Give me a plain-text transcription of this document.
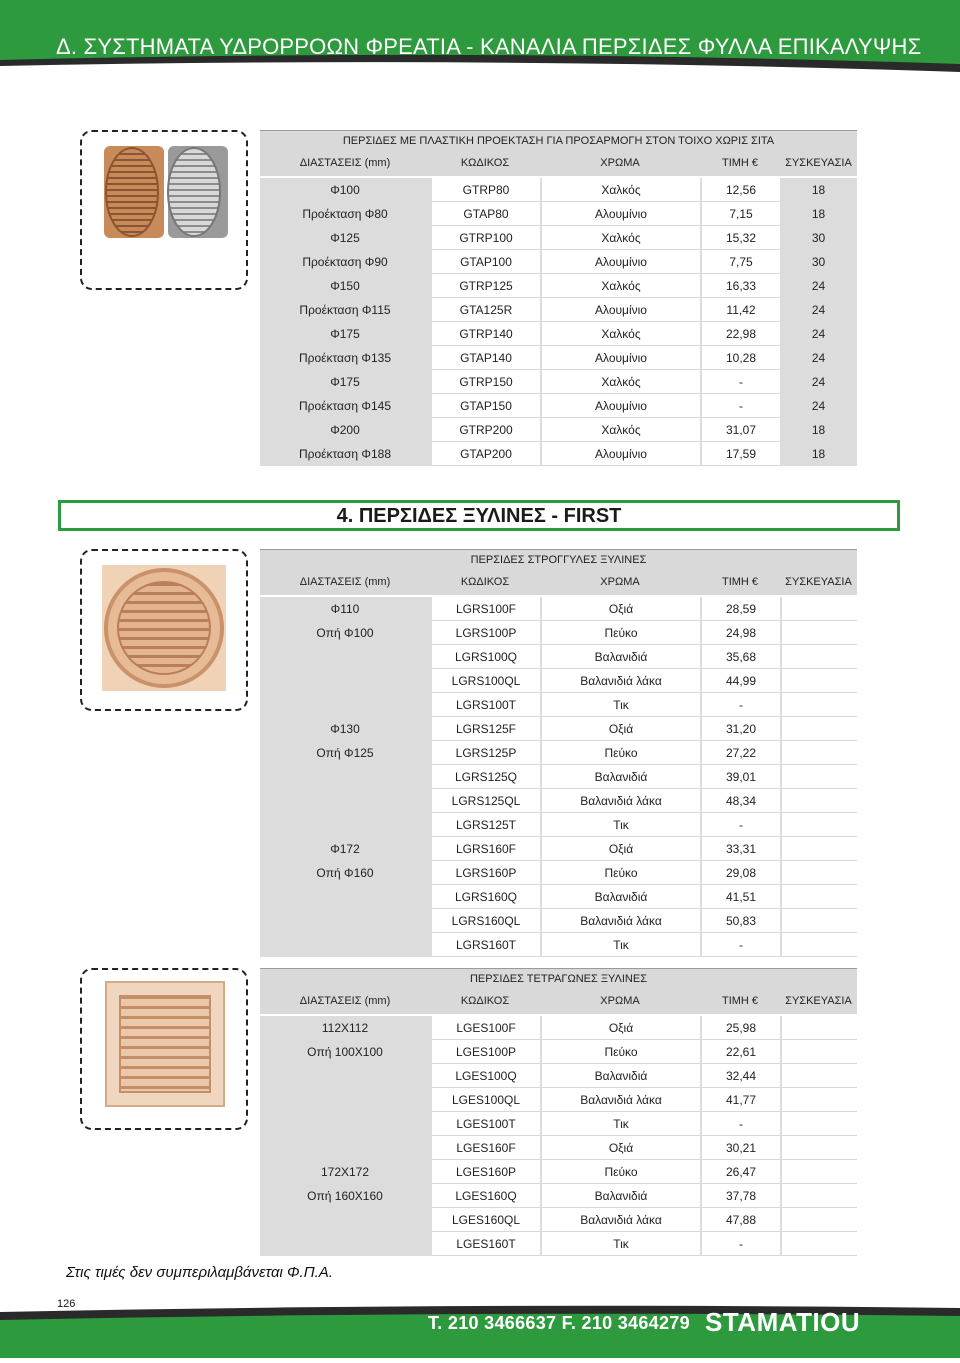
Δ. ΣΥΣΤΗΜΑΤΑ ΥΔΡΟΡΡΟΩΝ ΦΡΕΑΤΙΑ - ΚΑΝΑΛΙΑ ΠΕΡΣΙΔΕΣ ΦΥΛΛΑ ΕΠΙΚΑΛΥΨΗΣ
ΠΕΡΣΙΔΕΣ ΜΕ ΠΛΑΣΤΙΚΗ ΠΡΟΕΚΤΑΣΗ ΓΙΑ ΠΡΟΣΑΡΜΟΓΗ ΣΤΟΝ ΤΟΙΧΟ ΧΩΡΙΣ ΣΙΤΑ
ΔΙΑΣΤΑΣΕΙΣ (mm)	ΚΩΔΙΚΟΣ	ΧΡΩΜΑ	ΤΙΜΗ €	ΣΥΣΚΕΥΑΣΙΑ
Φ100	GTRP80	Χαλκός	12,56	18
Προέκταση Φ80	GTAP80	Αλουμίνιο	7,15	18
Φ125	GTRP100	Χαλκός	15,32	30
Προέκταση Φ90	GTAP100	Αλουμίνιο	7,75	30
Φ150	GTRP125	Χαλκός	16,33	24
Προέκταση Φ115	GTA125R	Αλουμίνιο	11,42	24
Φ175	GTRP140	Χαλκός	22,98	24
Προέκταση Φ135	GTAP140	Αλουμίνιο	10,28	24
Φ175	GTRP150	Χαλκός	-	24
Προέκταση Φ145	GTAP150	Αλουμίνιο	-	24
Φ200	GTRP200	Χαλκός	31,07	18
Προέκταση Φ188	GTAP200	Αλουμίνιο	17,59	18
4. ΠΕΡΣΙΔΕΣ ΞΥΛΙΝΕΣ - FIRST
ΠΕΡΣΙΔΕΣ ΣΤΡΟΓΓΥΛΕΣ ΞΥΛΙΝΕΣ
ΔΙΑΣΤΑΣΕΙΣ (mm)	ΚΩΔΙΚΟΣ	ΧΡΩΜΑ	ΤΙΜΗ €	ΣΥΣΚΕΥΑΣΙΑ
Φ110	LGRS100F	Οξιά	28,59
Οπή Φ100	LGRS100P	Πεύκο	24,98
LGRS100Q	Βαλανιδιά	35,68
LGRS100QL	Βαλανιδιά λάκα	44,99
LGRS100T	Τικ	-
Φ130	LGRS125F	Οξιά	31,20
Οπή Φ125	LGRS125P	Πεύκο	27,22
LGRS125Q	Βαλανιδιά	39,01
LGRS125QL	Βαλανιδιά λάκα	48,34
LGRS125T	Τικ	-
Φ172	LGRS160F	Οξιά	33,31
Οπή Φ160	LGRS160P	Πεύκο	29,08
LGRS160Q	Βαλανιδιά	41,51
LGRS160QL	Βαλανιδιά λάκα	50,83
LGRS160T	Τικ	-
ΠΕΡΣΙΔΕΣ ΤΕΤΡΑΓΩΝΕΣ ΞΥΛΙΝΕΣ
ΔΙΑΣΤΑΣΕΙΣ (mm)	ΚΩΔΙΚΟΣ	ΧΡΩΜΑ	ΤΙΜΗ €	ΣΥΣΚΕΥΑΣΙΑ
112X112	LGES100F	Οξιά	25,98
Οπή 100X100	LGES100P	Πεύκο	22,61
LGES100Q	Βαλανιδιά	32,44
LGES100QL	Βαλανιδιά λάκα	41,77
LGES100T	Τικ	-
LGES160F	Οξιά	30,21
172X172	LGES160P	Πεύκο	26,47
Οπή 160X160	LGES160Q	Βαλανιδιά	37,78
LGES160QL	Βαλανιδιά λάκα	47,88
LGES160T	Τικ	-
Στις τιμές δεν συμπεριλαμβάνεται Φ.Π.Α.
126
T. 210 3466637 F. 210 3464279 STAMATIOU
